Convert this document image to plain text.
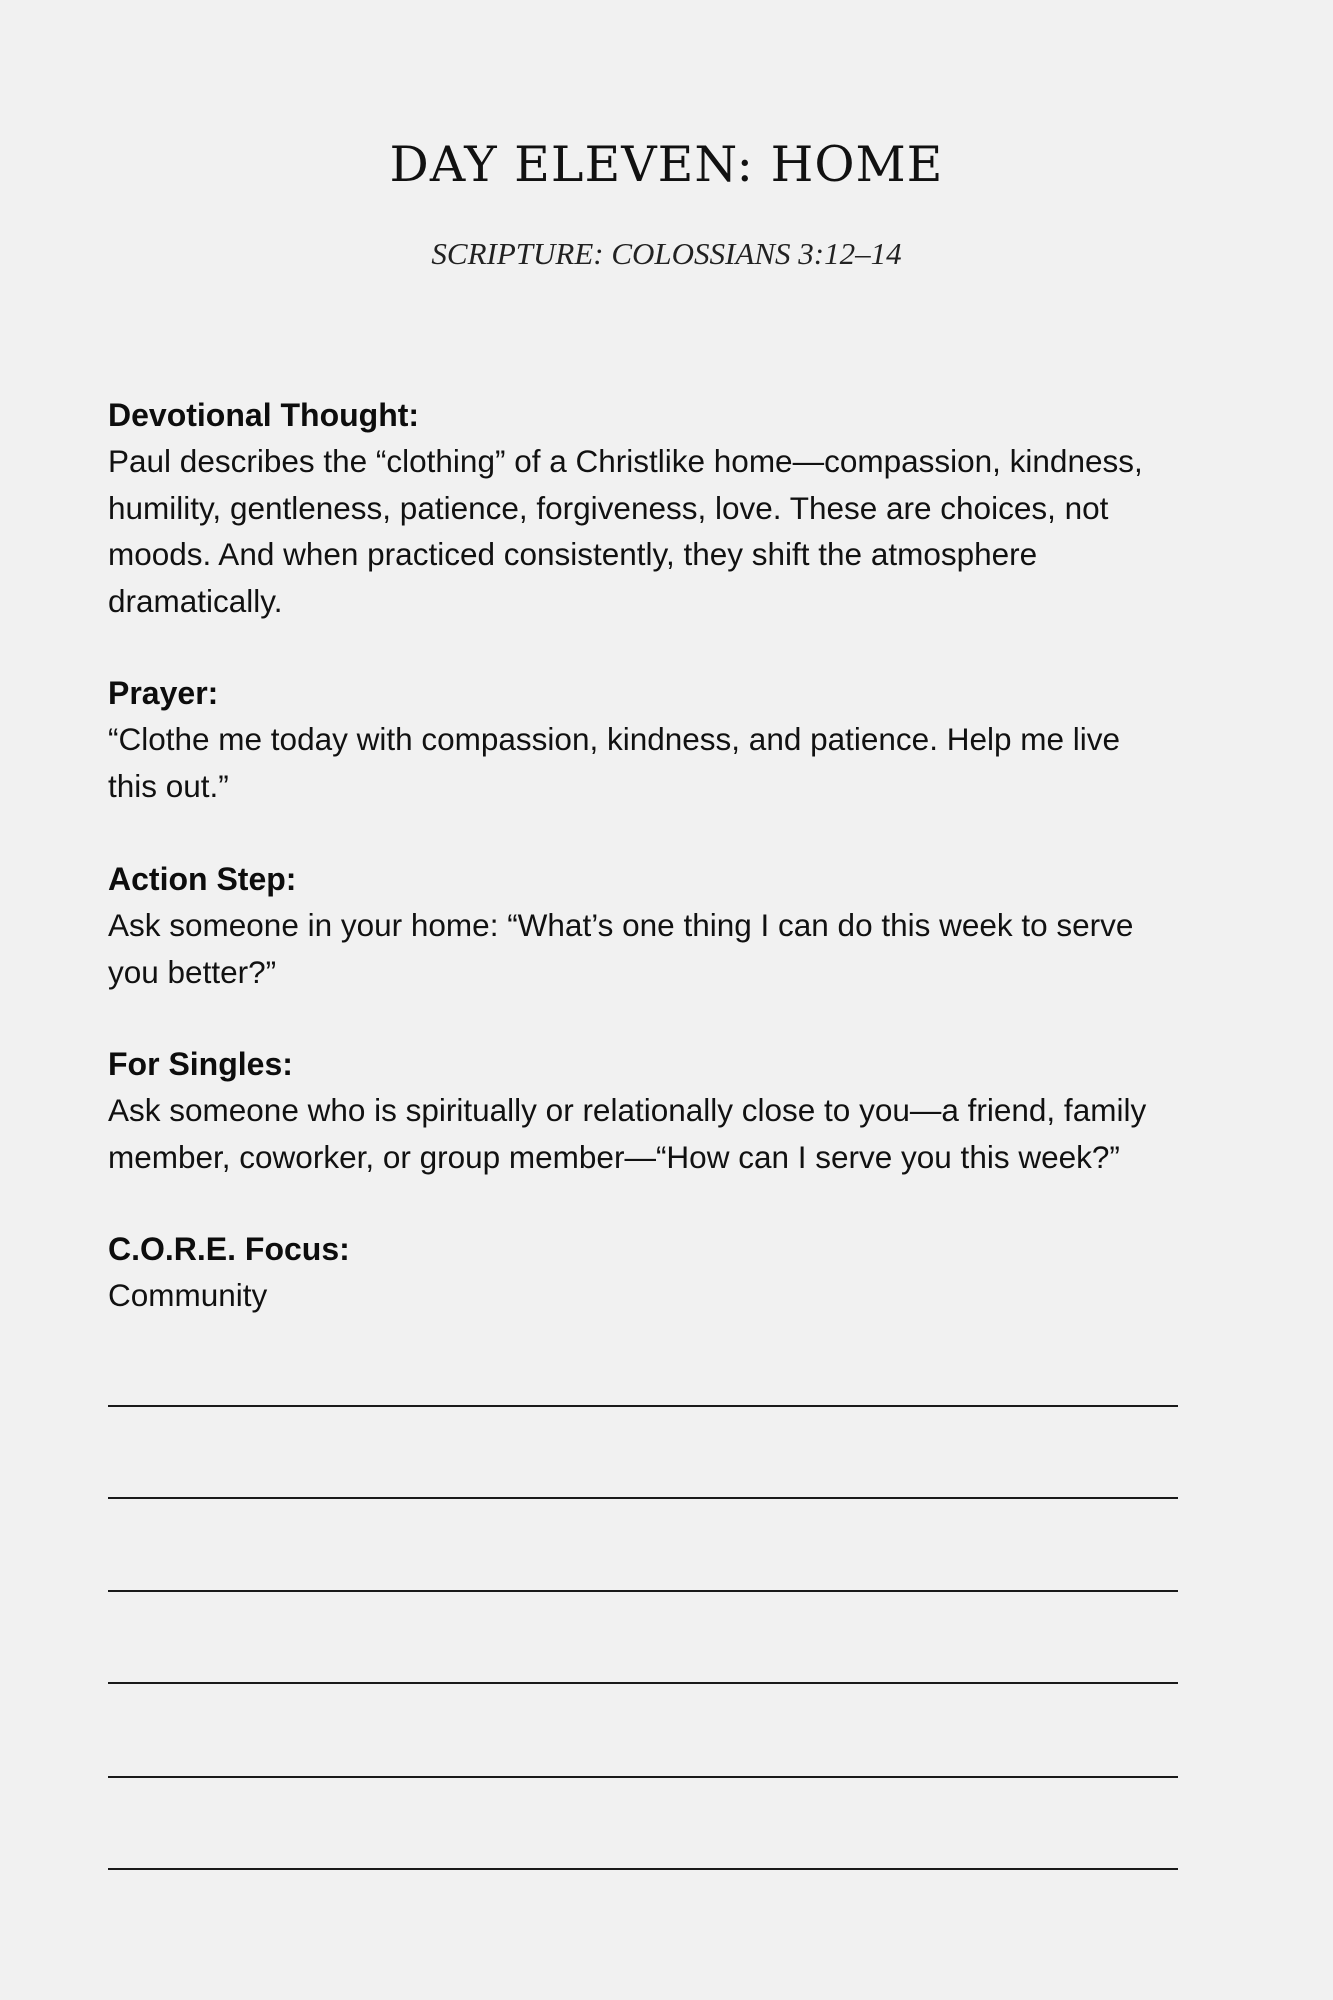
DAY ELEVEN: HOME
SCRIPTURE: COLOSSIANS 3:12–14
Devotional Thought:

Paul describes the “clothing” of a Christlike home—compassion, kindness,

humility, gentleness, patience, forgiveness, love. These are choices, not

moods. And when practiced consistently, they shift the atmosphere

dramatically.

Prayer:

“Clothe me today with compassion, kindness, and patience. Help me live

this out.”

Action Step:

Ask someone in your home: “What’s one thing I can do this week to serve

you better?”

For Singles:

Ask someone who is spiritually or relationally close to you—a friend, family

member, coworker, or group member—“How can I serve you this week?”

C.O.R.E. Focus:

Community
